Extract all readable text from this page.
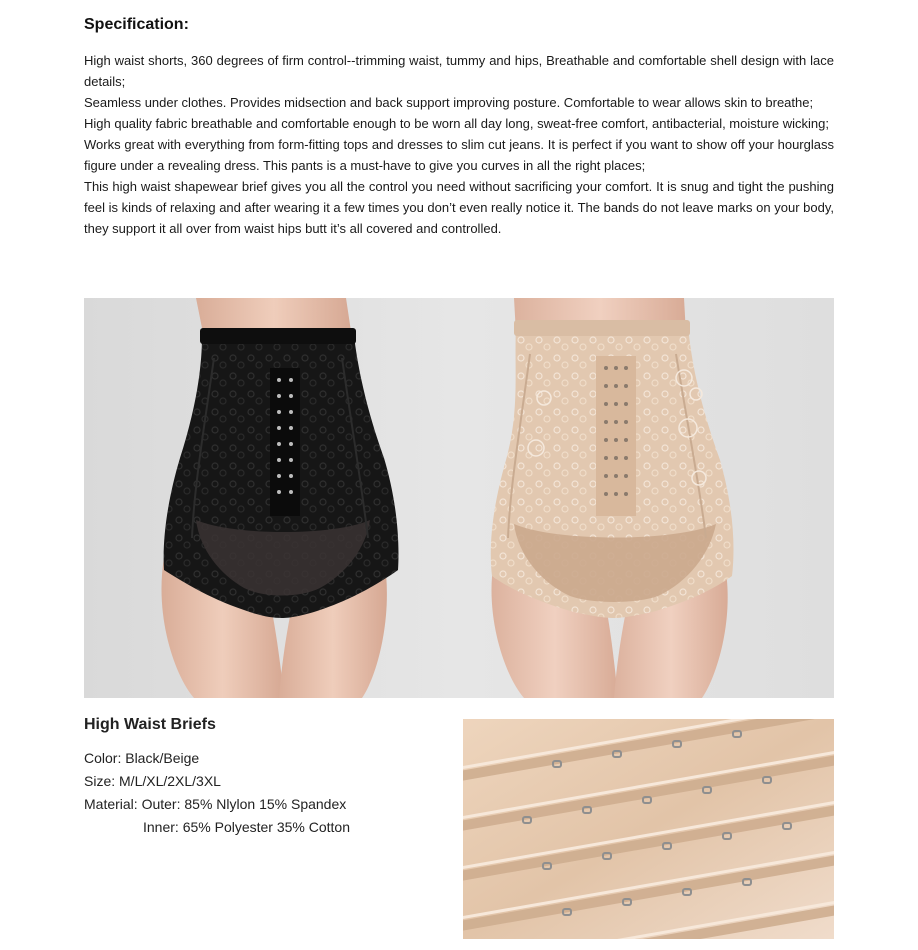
Specification:

High waist shorts, 360 degrees of firm control--trimming waist, tummy and hips, Breathable and comfortable shell design with lace details;

Seamless under clothes. Provides midsection and back support improving posture. Comfortable to wear allows skin to breathe;

High quality fabric breathable and comfortable enough to be worn all day long, sweat-free comfort, antibacterial, moisture wicking;

Works great with everything from form-fitting tops and dresses to slim cut jeans. It is perfect if you want to show off your hourglass figure under a revealing dress. This pants is a must-have to give you curves in all the right places;

This high waist shapewear brief gives you all the control you need without sacrificing your comfort. It is snug and tight the pushing feel is kinds of relaxing and after wearing it a few times you don’t even really notice it. The bands do not leave marks on your body, they support it all over from waist hips butt it’s all covered and controlled.

High Waist Briefs
Color: Black/Beige
Size: M/L/XL/2XL/3XL
Material: Outer: 85% Nlylon 15% Spandex
Inner: 65% Polyester 35% Cotton
